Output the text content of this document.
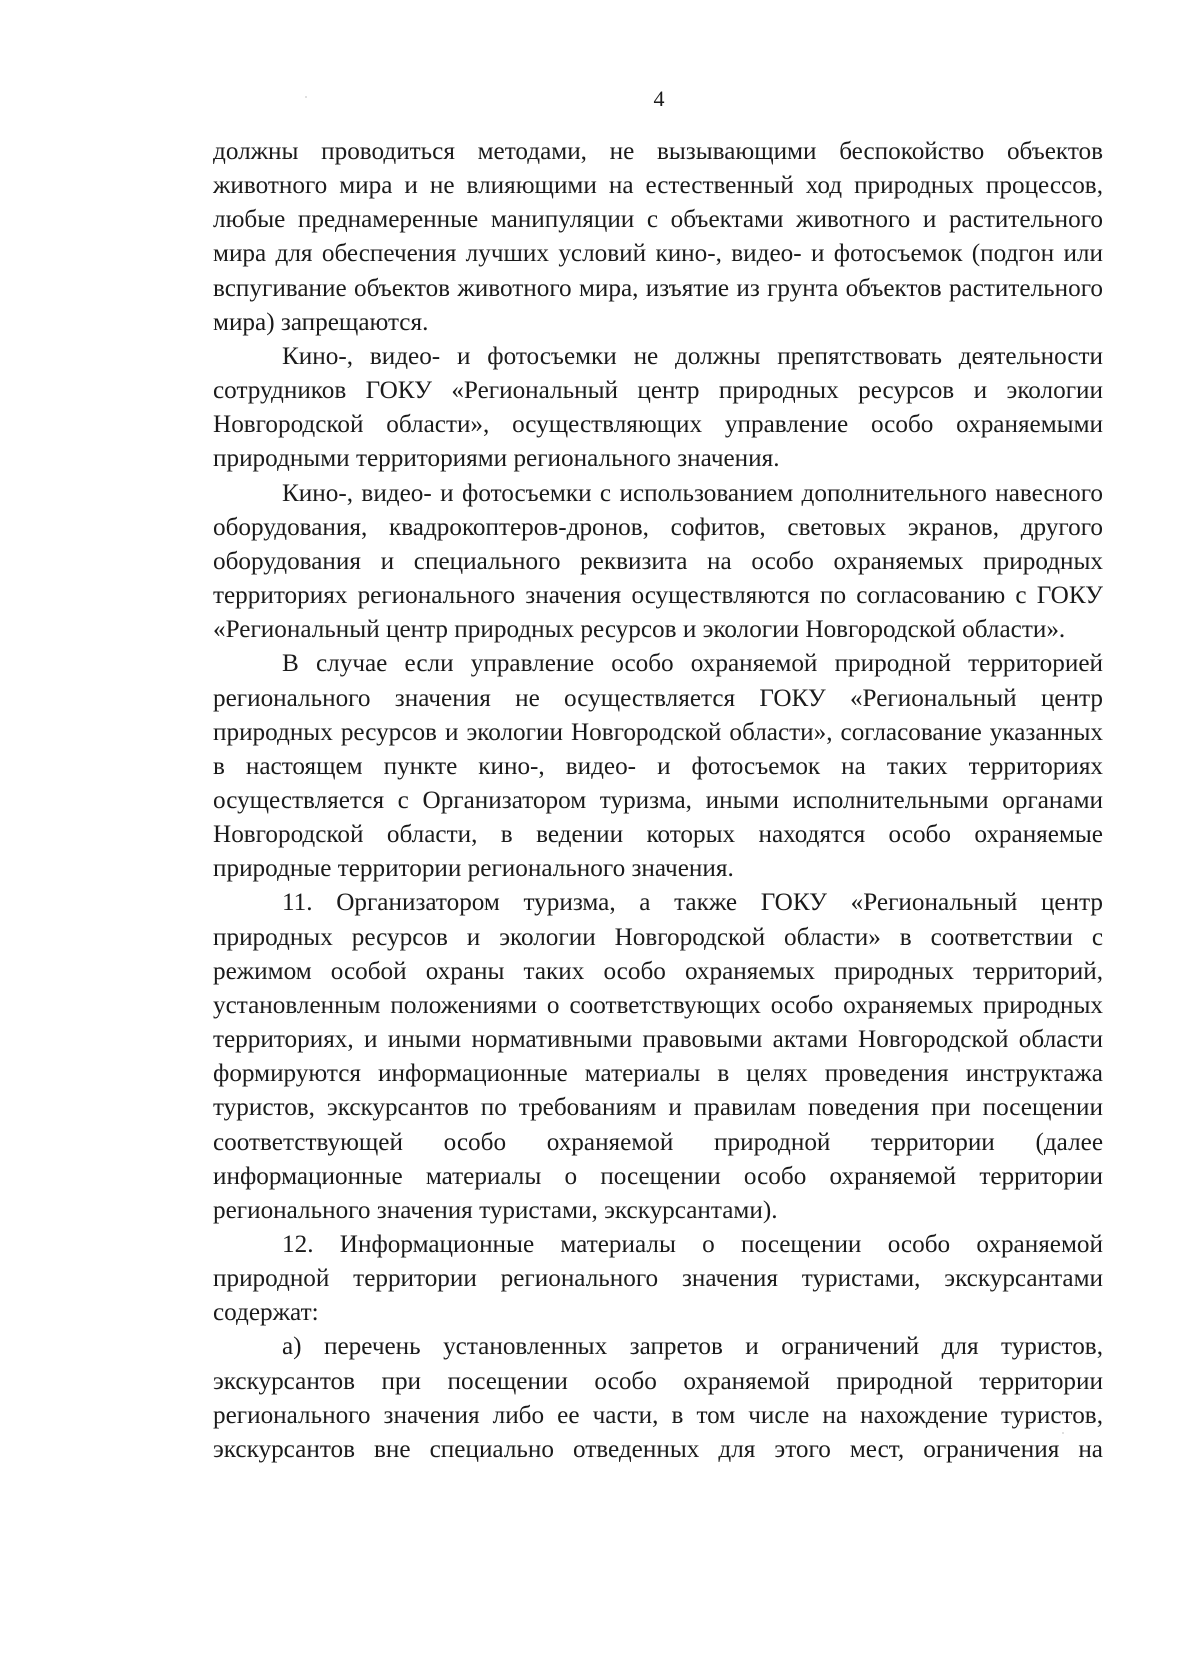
4

должны проводиться методами, не вызывающими беспокойство объектов животного мира и не влияющими на естественный ход природных процессов, любые преднамеренные манипуляции с объектами животного и растительного мира для обеспечения лучших условий кино-, видео- и фотосъемок (подгон или вспугивание объектов животного мира, изъятие из грунта объектов растительного мира) запрещаются.

Кино-, видео- и фотосъемки не должны препятствовать деятельности сотрудников ГОКУ «Региональный центр природных ресурсов и экологии Новгородской области», осуществляющих управление особо охраняемыми природными территориями регионального значения.

Кино-, видео- и фотосъемки с использованием дополнительного навесного оборудования, квадрокоптеров-дронов, софитов, световых экранов, другого оборудования и специального реквизита на особо охраняемых природных территориях регионального значения осуществляются по согласованию с ГОКУ «Региональный центр природных ресурсов и экологии Новгородской области».

В случае если управление особо охраняемой природной территорией регионального значения не осуществляется ГОКУ «Региональный центр природных ресурсов и экологии Новгородской области», согласование указанных в настоящем пункте кино-, видео- и фотосъемок на таких территориях осуществляется с Организатором туризма, иными исполнительными органами Новгородской области, в ведении которых находятся особо охраняемые природные территории регионального значения.

11. Организатором туризма, а также ГОКУ «Региональный центр природных ресурсов и экологии Новгородской области» в соответствии с режимом особой охраны таких особо охраняемых природных территорий, установленным положениями о соответствующих особо охраняемых природных территориях, и иными нормативными правовыми актами Новгородской области формируются информационные материалы в целях проведения инструктажа туристов, экскурсантов по требованиям и правилам поведения при посещении соответствующей особо охраняемой природной территории (далее информационные материалы о посещении особо охраняемой территории регионального значения туристами, экскурсантами).

12. Информационные материалы о посещении особо охраняемой природной территории регионального значения туристами, экскурсантами содержат:

а) перечень установленных запретов и ограничений для туристов, экскурсантов при посещении особо охраняемой природной территории регионального значения либо ее части, в том числе на нахождение туристов, экскурсантов вне специально отведенных для этого мест, ограничения на
